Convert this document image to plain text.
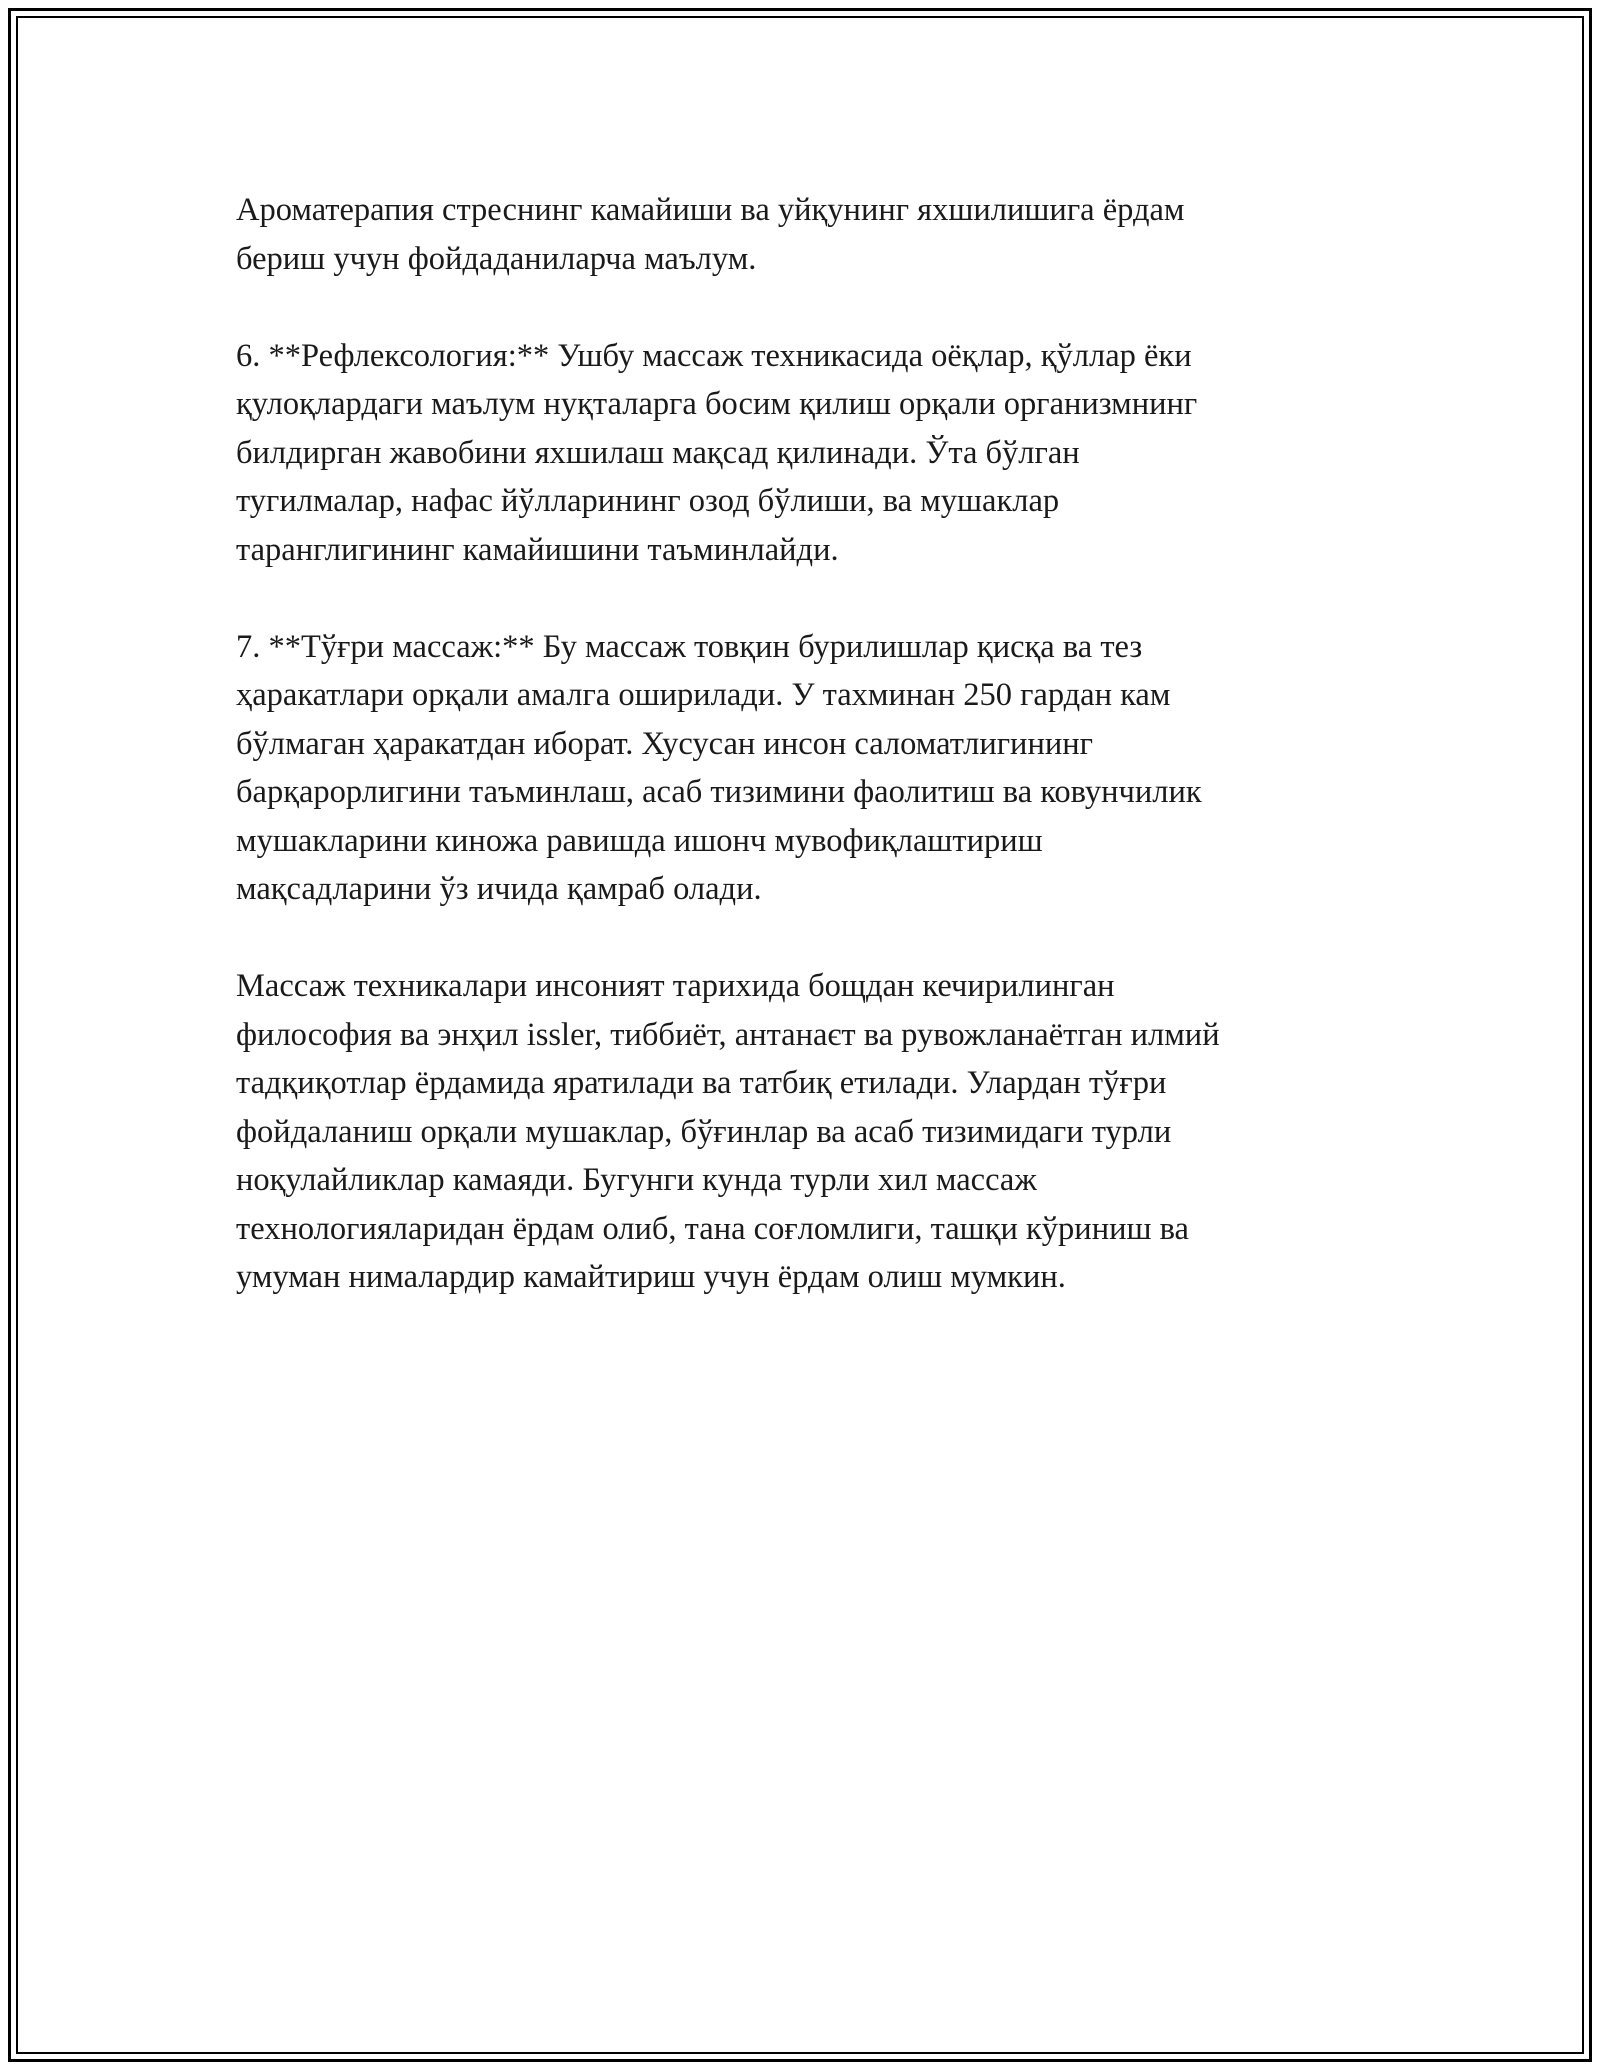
Ароматерапия стреснинг камайиши ва уйқунинг яхшилишига ёрдам
бериш учун фойдаданиларча маълум.

6. **Рефлексология:** Ушбу массаж техникасида оёқлар, қўллар ёки
қулоқлардаги маълум нуқталарга босим қилиш орқали организмнинг
билдирган жавобини яхшилаш мақсад қилинади. Ўта бўлган
тугилмалар, нафас йўлларининг озод бўлиши, ва мушаклар
таранглигининг камайишини таъминлайди.

7. **Тўғри массаж:** Бу массаж товқин бурилишлар қисқа ва тез
ҳаракатлари орқали амалга оширилади. У тахминан 250 гардан кам
бўлмаган ҳаракатдан иборат. Хусусан инсон саломатлигининг
барқарорлигини таъминлаш, асаб тизимини фаолитиш ва ковунчилик
мушакларини киножа равишда ишонч мувофиқлаштириш
мақсадларини ўз ичида қамраб олади.

Массаж техникалари инсоният тарихида бощдан кечирилинган
философия ва энҳил issler, тиббиёт, антанаєт ва рувожланаётган илмий
тадқиқотлар ёрдамида яратилади ва татбиқ етилади. Улардан тўғри
фойдаланиш орқали мушаклар, бўғинлар ва асаб тизимидаги турли
ноқулайликлар камаяди. Бугунги кунда турли хил массаж
технологияларидан ёрдам олиб, тана соғломлиги, ташқи кўриниш ва
умуман нималардир камайтириш учун ёрдам олиш мумкин.
